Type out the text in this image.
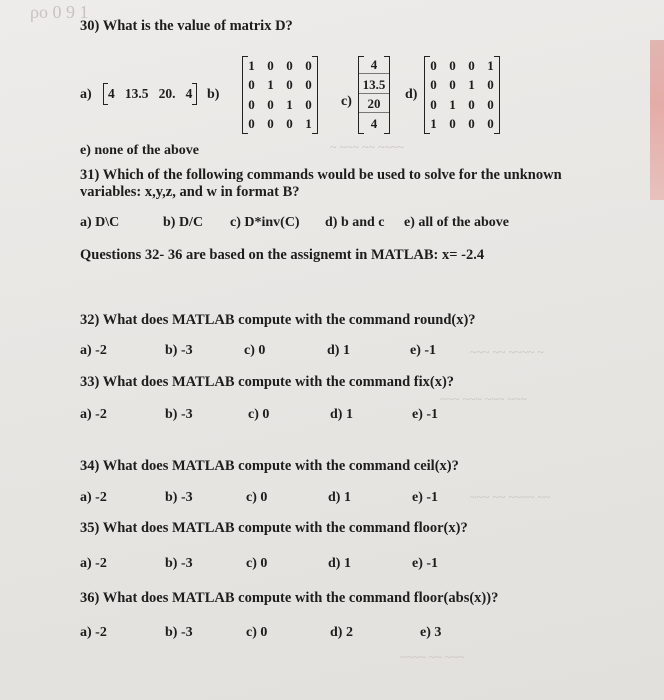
ρо 0 9 1
~ ~~~ ~~ ~~~~
~~~ ~~ ~~~~ ~
~~~ ~~~ ~~~ ~~~
~~~ ~~ ~~~~ ~~
~~~~ ~~ ~~~
30) What is the value of matrix D?
a)	4   13.5   20.   4	b)
1 0 0 0
0 1 0 0
0 0 1 0
0 0 0 1
c)
4
13.5
20
4
d)
0 0 0 1
0 0 1 0
0 1 0 0
1 0 0 0
e) none of the above
31) Which of the following commands would be used to solve for the unknown
variables: x,y,z, and w in format B?
a) D\C	b) D/C c) D*inv(C) d) b and c e) all of the above
Questions 32- 36 are based on the assignemt in MATLAB: x= -2.4
32) What does MATLAB compute with the command round(x)?
a) -2	b) -3	c) 0	d) 1	e) -1
33) What does MATLAB compute with the command fix(x)?
a) -2	b) -3	c) 0	d) 1	e) -1
34) What does MATLAB compute with the command ceil(x)?
a) -2	b) -3	c) 0	d) 1	e) -1
35) What does MATLAB compute with the command floor(x)?
a) -2	b) -3	c) 0	d) 1	e) -1
36) What does MATLAB compute with the command floor(abs(x))?
a) -2	b) -3	c) 0	d) 2	e) 3
